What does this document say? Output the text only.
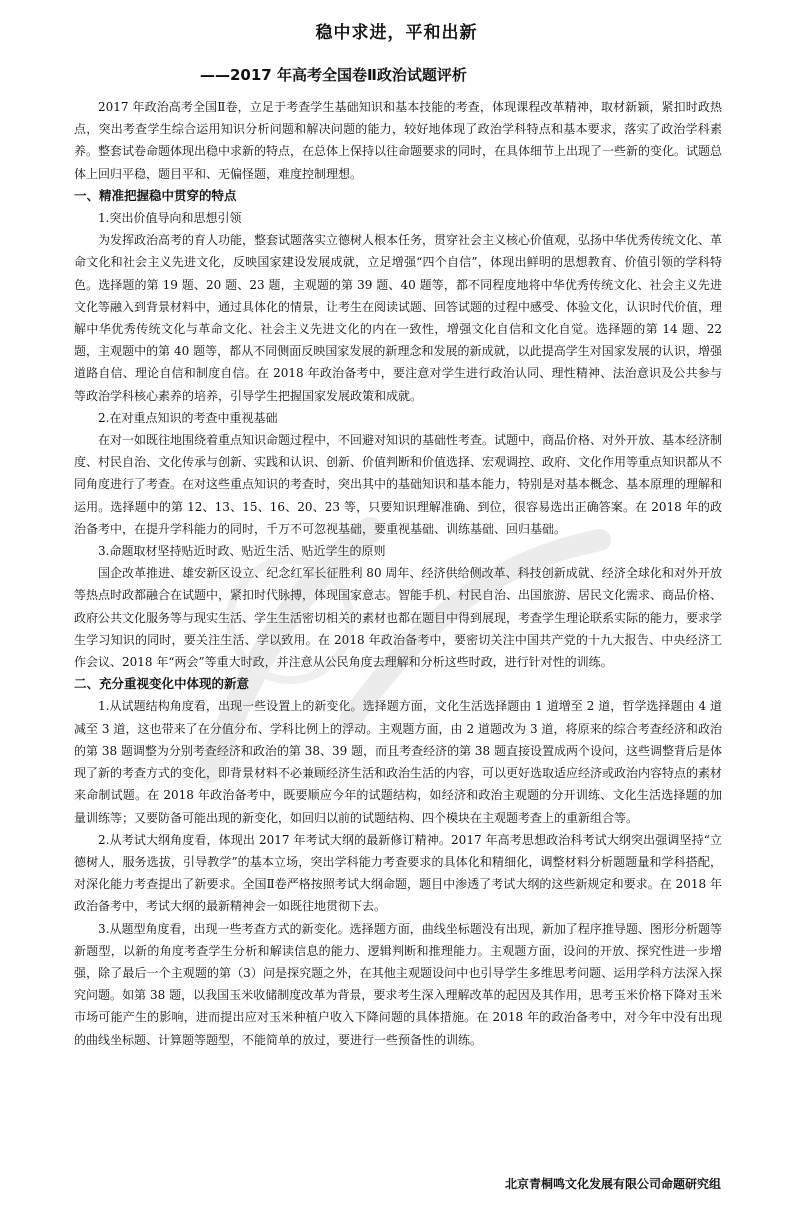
稳中求进，平和出新
——2017 年高考全国卷Ⅱ政治试题评析

2017 年政治高考全国Ⅱ卷，立足于考查学生基础知识和基本技能的考查，体现课程改革精神，取材新颖，紧扣时政热点，突出考查学生综合运用知识分析问题和解决问题的能力，较好地体现了政治学科特点和基本要求，落实了政治学科素养。整套试卷命题体现出稳中求新的特点，在总体上保持以往命题要求的同时，在具体细节上出现了一些新的变化。试题总体上回归平稳，题目平和、无偏怪题，难度控制理想。

一、精准把握稳中贯穿的特点
1.突出价值导向和思想引领

为发挥政治高考的育人功能，整套试题落实立德树人根本任务，贯穿社会主义核心价值观，弘扬中华优秀传统文化、革命文化和社会主义先进文化，反映国家建设发展成就，立足增强“四个自信”，体现出鲜明的思想教育、价值引领的学科特色。选择题的第 19 题、20 题、23 题，主观题的第 39 题、40 题等，都不同程度地将中华优秀传统文化、社会主义先进文化等融入到背景材料中，通过具体化的情景，让考生在阅读试题、回答试题的过程中感受、体验文化，认识时代价值，理解中华优秀传统文化与革命文化、社会主义先进文化的内在一致性，增强文化自信和文化自觉。选择题的第 14 题、22 题，主观题中的第 40 题等，都从不同侧面反映国家发展的新理念和发展的新成就，以此提高学生对国家发展的认识，增强道路自信、理论自信和制度自信。在 2018 年政治备考中，要注意对学生进行政治认同、理性精神、法治意识及公共参与等政治学科核心素养的培养，引导学生把握国家发展政策和成就。

2.在对重点知识的考查中重视基础

在对一如既往地围绕着重点知识命题过程中，不回避对知识的基础性考查。试题中，商品价格、对外开放、基本经济制度、村民自治、文化传承与创新、实践和认识、创新、价值判断和价值选择、宏观调控、政府、文化作用等重点知识都从不同角度进行了考查。在对这些重点知识的考查时，突出其中的基础知识和基本能力，特别是对基本概念、基本原理的理解和运用。选择题中的第 12、13、15、16、20、23 等，只要知识理解准确、到位，很容易选出正确答案。在 2018 年的政治备考中，在提升学科能力的同时，千万不可忽视基础，要重视基础、训练基础、回归基础。

3.命题取材坚持贴近时政、贴近生活、贴近学生的原则

国企改革推进、雄安新区设立、纪念红军长征胜利 80 周年、经济供给侧改革、科技创新成就、经济全球化和对外开放等热点时政都融合在试题中，紧扣时代脉搏，体现国家意志。智能手机、村民自治、出国旅游、居民文化需求、商品价格、政府公共文化服务等与现实生活、学生生活密切相关的素材也都在题目中得到展现，考查学生理论联系实际的能力，要求学生学习知识的同时，要关注生活、学以致用。在 2018 年政治备考中，要密切关注中国共产党的十九大报告、中央经济工作会议、2018 年“两会”等重大时政，并注意从公民角度去理解和分析这些时政，进行针对性的训练。

二、充分重视变化中体现的新意

1.从试题结构角度看，出现一些设置上的新变化。选择题方面，文化生活选择题由 1 道增至 2 道，哲学选择题由 4 道减至 3 道，这也带来了在分值分布、学科比例上的浮动。主观题方面，由 2 道题改为 3 道，将原来的综合考查经济和政治的第 38 题调整为分别考查经济和政治的第 38、39 题，而且考查经济的第 38 题直接设置成两个设问，这些调整背后是体现了新的考查方式的变化，即背景材料不必兼顾经济生活和政治生活的内容，可以更好选取适应经济或政治内容特点的素材来命制试题。在 2018 年政治备考中，既要顺应今年的试题结构，如经济和政治主观题的分开训练、文化生活选择题的加量训练等；又要防备可能出现的新变化，如回归以前的试题结构、四个模块在主观题考查上的重新组合等。

2.从考试大纲角度看，体现出 2017 年考试大纲的最新修订精神。2017 年高考思想政治科考试大纲突出强调坚持“立德树人，服务选拔，引导教学”的基本立场，突出学科能力考查要求的具体化和精细化，调整材料分析题题量和学科搭配，对深化能力考查提出了新要求。全国Ⅱ卷严格按照考试大纲命题，题目中渗透了考试大纲的这些新规定和要求。在 2018 年政治备考中，考试大纲的最新精神会一如既往地贯彻下去。

3.从题型角度看，出现一些考查方式的新变化。选择题方面，曲线坐标题没有出现，新加了程序推导题、图形分析题等新题型，以新的角度考查学生分析和解读信息的能力、逻辑判断和推理能力。主观题方面，设问的开放、探究性进一步增强，除了最后一个主观题的第（3）问是探究题之外，在其他主观题设问中也引导学生多维思考问题、运用学科方法深入探究问题。如第 38 题，以我国玉米收储制度改革为背景，要求考生深入理解改革的起因及其作用，思考玉米价格下降对玉米市场可能产生的影响，进而提出应对玉米种植户收入下降问题的具体措施。在 2018 年的政治备考中，对今年中没有出现的曲线坐标题、计算题等题型，不能简单的放过，要进行一些预备性的训练。

北京青桐鸣文化发展有限公司命题研究组
